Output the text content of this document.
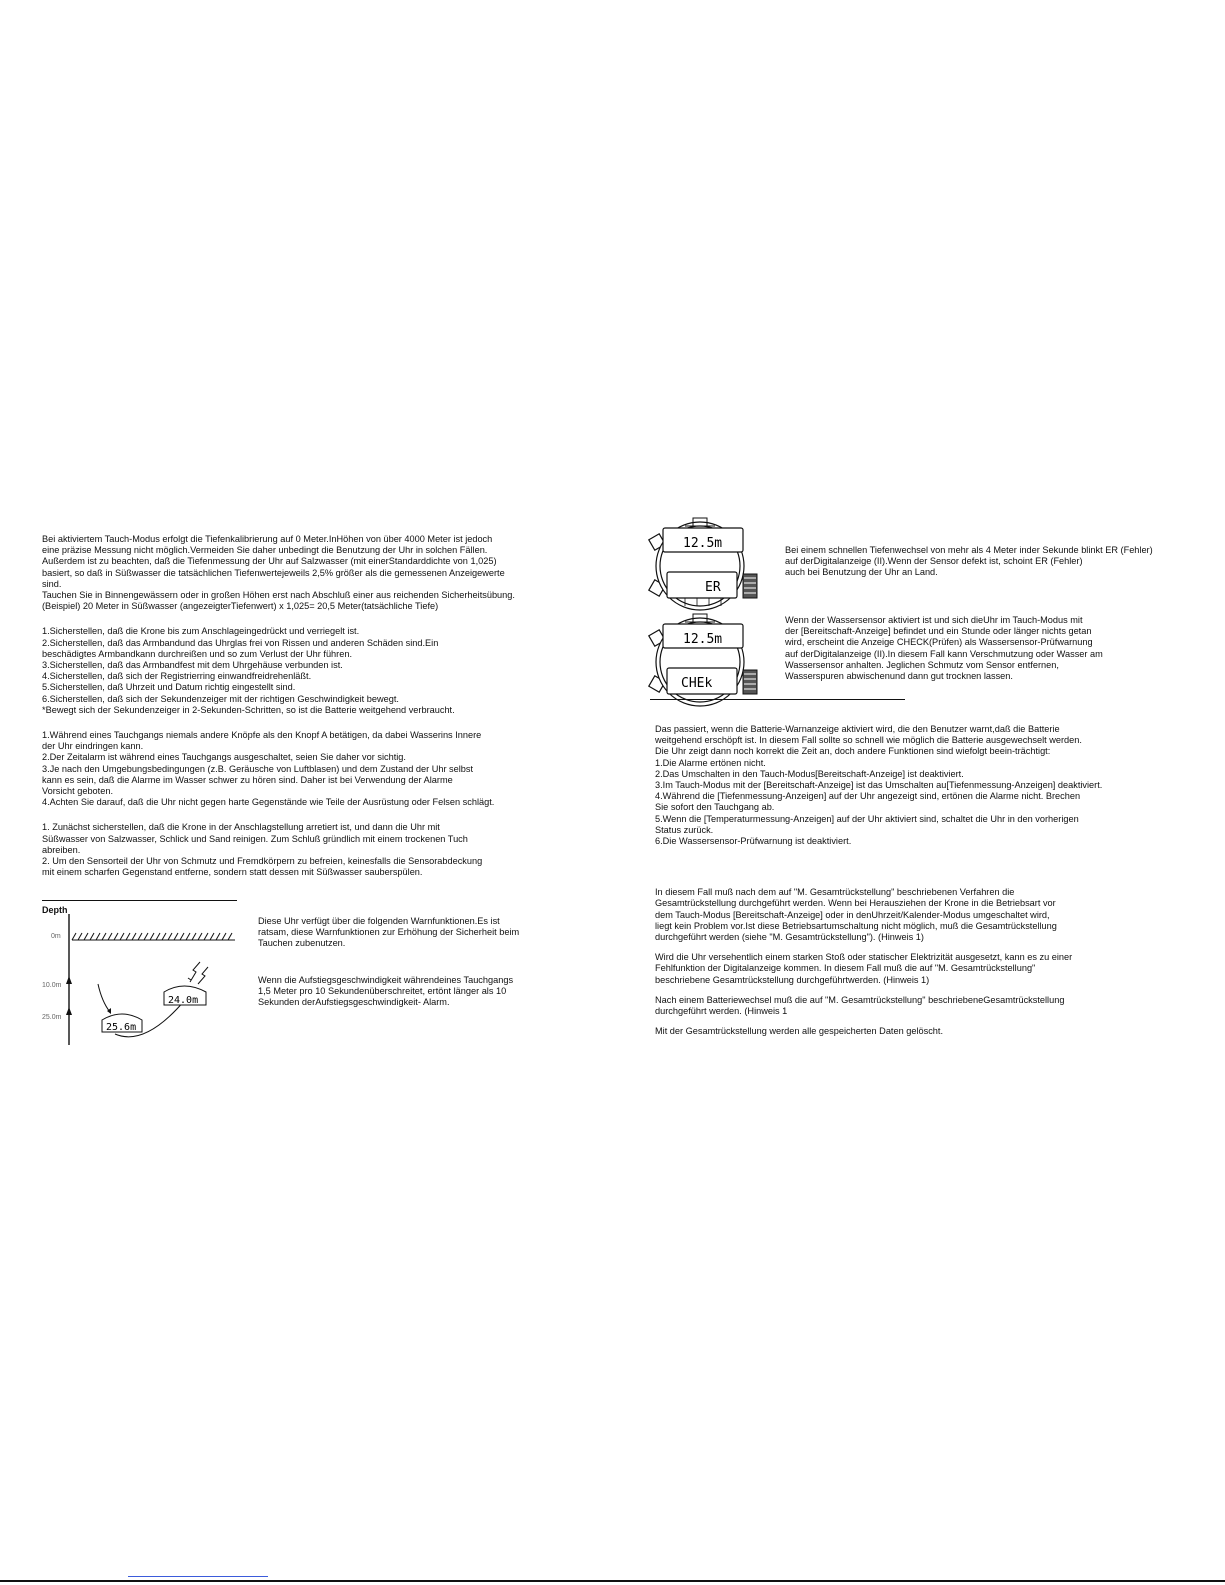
Bei aktiviertem Tauch-Modus erfolgt die Tiefenkalibrierung auf 0 Meter.InHöhen von über 4000 Meter ist jedoch
eine präzise Messung nicht möglich.Vermeiden Sie daher unbedingt die Benutzung der Uhr in solchen Fällen.
Außerdem ist zu beachten, daß die Tiefenmessung der Uhr auf Salzwasser (mit einerStandarddichte von 1,025)
basiert, so daß in Süßwasser die tatsächlichen Tiefenwertejeweils 2,5% größer als die gemessenen Anzeigewerte
sind.
Tauchen Sie in Binnengewässern oder in großen Höhen erst nach Abschluß einer aus reichenden Sicherheitsübung.
(Beispiel) 20 Meter in Süßwasser (angezeigterTiefenwert) x 1,025= 20,5 Meter(tatsächliche Tiefe)

1.Sicherstellen, daß die Krone bis zum Anschlageingedrückt und verriegelt ist.
2.Sicherstellen, daß das Armbandund das Uhrglas frei von Rissen und anderen Schäden sind.Ein
beschädigtes Armbandkann durchreißen und so zum Verlust der Uhr führen.
3.Sicherstellen, daß das Armbandfest mit dem Uhrgehäuse verbunden ist.
4.Sicherstellen, daß sich der Registrierring einwandfreidrehenläßt.
5.Sicherstellen, daß Uhrzeit und Datum richtig eingestellt sind.
6.Sicherstellen, daß sich der Sekundenzeiger mit der richtigen Geschwindigkeit bewegt.
*Bewegt sich der Sekundenzeiger in 2-Sekunden-Schritten, so ist die Batterie weitgehend verbraucht.

1.Während eines Tauchgangs niemals andere Knöpfe als den Knopf A betätigen, da dabei Wasserins Innere
der Uhr eindringen kann.
2.Der Zeitalarm ist während eines Tauchgangs ausgeschaltet, seien Sie daher vor sichtig.
3.Je nach den Umgebungsbedingungen (z.B. Geräusche von Luftblasen) und dem Zustand der Uhr selbst
kann es sein, daß die Alarme im Wasser schwer zu hören sind. Daher ist bei Verwendung der Alarme
Vorsicht geboten.
4.Achten Sie darauf, daß die Uhr nicht gegen harte Gegenstände wie Teile der Ausrüstung oder Felsen schlägt.

1. Zunächst sicherstellen, daß die Krone in der Anschlagstellung arretiert ist, und dann die Uhr mit
Süßwasser von Salzwasser, Schlick und Sand reinigen. Zum Schluß gründlich mit einem trockenen Tuch
abreiben.
2. Um den Sensorteil der Uhr von Schmutz und Fremdkörpern zu befreien, keinesfalls die Sensorabdeckung
mit einem scharfen Gegenstand entferne, sondern statt dessen mit Süßwasser sauberspülen.

Depth
0m
10.0m
25.0m
25.6m
24.0m
Diese Uhr verfügt über die folgenden Warnfunktionen.Es ist
ratsam, diese Warnfunktionen zur Erhöhung der Sicherheit beim
Tauchen zubenutzen.
Wenn die Aufstiegsgeschwindigkeit währendeines Tauchgangs
1,5 Meter pro 10 Sekundenüberschreitet, ertönt länger als 10
Sekunden derAufstiegsgeschwindigkeit- Alarm.
12.5m
ER
12.5m
CHEk
Bei einem schnellen Tiefenwechsel von mehr als 4 Meter inder Sekunde blinkt ER (Fehler)
auf derDigitalanzeige (II).Wenn der Sensor defekt ist, schoint ER (Fehler)
auch bei Benutzung der Uhr an Land.
Wenn der Wassersensor aktiviert ist und sich dieUhr im Tauch-Modus mit
der [Bereitschaft-Anzeige] befindet und ein Stunde oder länger nichts getan
wird, erscheint die Anzeige CHECK(Prüfen) als Wassersensor-Prüfwarnung
auf derDigitalanzeige (II).In diesem Fall kann Verschmutzung oder Wasser am
Wassersensor anhalten. Jeglichen Schmutz vom Sensor entfernen,
Wasserspuren abwischenund dann gut trocknen lassen.

Das passiert, wenn die Batterie-Warnanzeige aktiviert wird, die den Benutzer warnt,daß die Batterie
weitgehend erschöpft ist. In diesem Fall sollte so schnell wie möglich die Batterie ausgewechselt werden.
Die Uhr zeigt dann noch korrekt die Zeit an, doch andere Funktionen sind wiefolgt beein-trächtigt:
1.Die Alarme ertönen nicht.
2.Das Umschalten in den Tauch-Modus[Bereitschaft-Anzeige] ist deaktiviert.
3.Im Tauch-Modus mit der [Bereitschaft-Anzeige] ist das Umschalten au[Tiefenmessung-Anzeigen] deaktiviert.
4.Während die [Tiefenmessung-Anzeigen] auf der Uhr angezeigt sind, ertönen die Alarme nicht. Brechen
Sie sofort den Tauchgang ab.
5.Wenn die [Temperaturmessung-Anzeigen] auf der Uhr aktiviert sind, schaltet die Uhr in den vorherigen
Status zurück.
6.Die Wassersensor-Prüfwarnung ist deaktiviert.

In diesem Fall muß nach dem auf "M. Gesamtrückstellung" beschriebenen Verfahren die
Gesamtrückstellung durchgeführt werden. Wenn bei Herausziehen der Krone in die Betriebsart vor
dem Tauch-Modus [Bereitschaft-Anzeige] oder in denUhrzeit/Kalender-Modus umgeschaltet wird,
liegt kein Problem vor.Ist diese Betriebsartumschaltung nicht möglich, muß die Gesamtrückstellung
durchgeführt werden (siehe "M. Gesamtrückstellung"). (Hinweis 1)

Wird die Uhr versehentlich einem starken Stoß oder statischer Elektrizität ausgesetzt, kann es zu einer
Fehlfunktion der Digitalanzeige kommen. In diesem Fall muß die auf "M. Gesamtrückstellung"
beschriebene Gesamtrückstellung durchgeführtwerden. (Hinweis 1)

Nach einem Batteriewechsel muß die auf "M. Gesamtrückstellung" beschriebeneGesamtrückstellung
durchgeführt werden. (Hinweis 1

Mit der Gesamtrückstellung werden alle gespeicherten Daten gelöscht.
